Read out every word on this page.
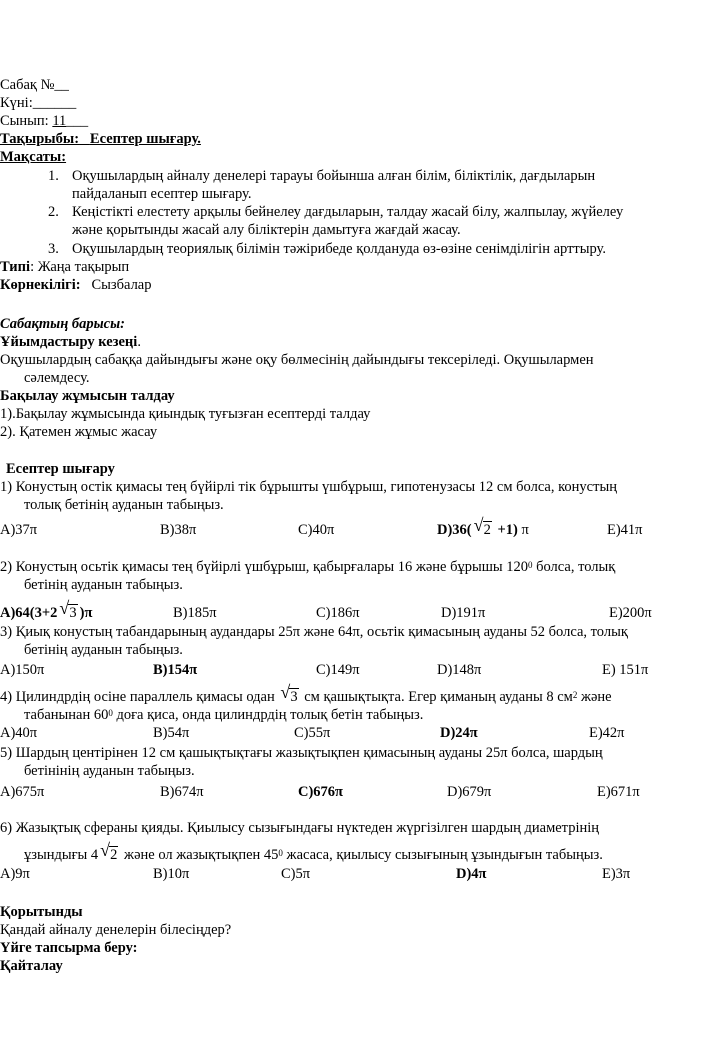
Сабақ №__
Күні:______
Сынып: 11___
Тақырыбы: Есептер шығару.
Мақсаты:
1. Оқушылардың айналу денелері тарауы бойынша алған білім, біліктілік, дағдыларын
пайдаланып есептер шығару.
2. Кеңістікті елестету арқылы бейнелеу дағдыларын, талдау жасай білу, жалпылау, жүйелеу
және қорытынды жасай алу біліктерін дамытуға жағдай жасау.
3. Оқушылардың теориялық білімін тәжірибеде қолдануда өз-өзіне сенімділігін арттыру.
Типі: Жаңа тақырып
Көрнекілігі: Сызбалар
Сабақтың барысы:
Ұйымдастыру кезеңі.
Оқушылардың сабаққа дайындығы және оқу бөлмесінің дайындығы тексеріледі. Оқушылармен
сәлемдесу.
Бақылау жұмысын талдау
1).Бақылау жұмысында қиындық туғызған есептерді талдау
2). Қатемен жұмыс жасау
Есептер шығару
1) Конустың остік қимасы тең бүйірлі тік бұрышты үшбұрыш, гипотенузасы 12 см болса, конустың
толық бетінің ауданын табыңыз.
А)37π	В)38π	С)40π	D)36( √ 2 +1) π	Е)41π
2) Конустың осьтік қимасы тең бүйірлі үшбұрыш, қабырғалары 16 және бұрышы $120^0$ болса, толық
бетінің ауданын табыңыз.
А)64(3+2 √ 3 )π	В)185π	С)186π	D)191π	Е)200π
3) Қиық конустың табандарының аудандары 25π және 64π, осьтік қимасының ауданы 52 болса, толық
бетінің ауданын табыңыз.
А)150π	В)154π	С)149π	D)148π	Е) 151π
4) Цилиндрдің осіне параллель қимасы одан √ 3 см қашықтықта. Егер қиманың ауданы 8 $см^2$ және
табанынан $60^0$ доға қиса, онда цилиндрдің толық бетін табыңыз.
А)40π	В)54π	С)55π	D)24π	Е)42π
5) Шардың центірінен 12 см қашықтықтағы жазықтықпен қимасының ауданы 25π болса, шардың
бетінінің ауданын табыңыз.
А)675π	В)674π	С)676π	D)679π	Е)671π
6) Жазықтық сфераны қияды. Қиылысу сызығындағы нүктеден жүргізілген шардың диаметрінің
ұзындығы 4 √ 2 және ол жазықтықпен $45^0$ жасаса, қиылысу сызығының ұзындығын табыңыз.
А)9π	В)10π	С)5π	D)4π	Е)3π
Қорытынды
Қандай айналу денелерін білесіңдер?
Үйге тапсырма беру:
Қайталау
